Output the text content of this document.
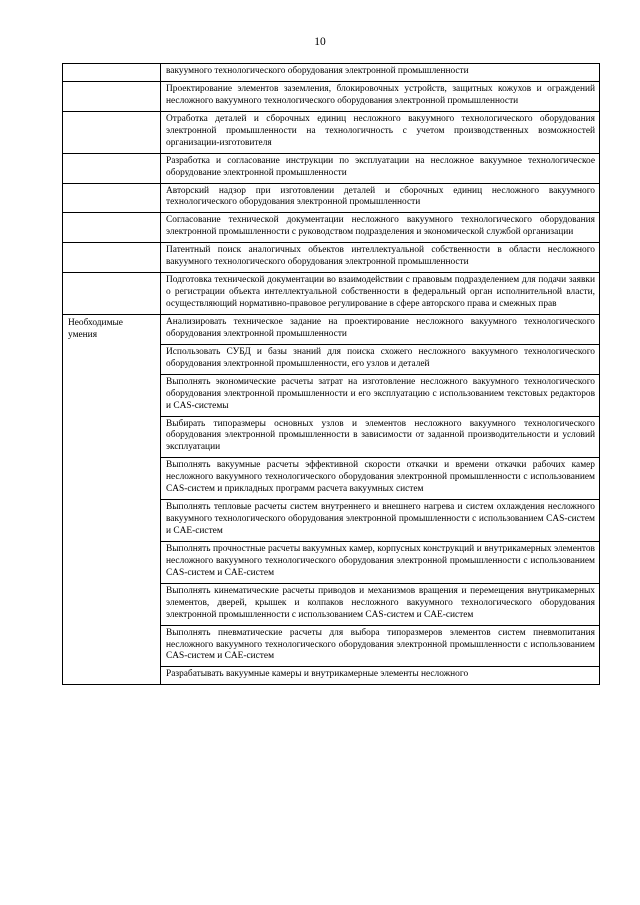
10
	вакуумного технологического оборудования электронной промышленности
	Проектирование элементов заземления, блокировочных устройств, защитных кожухов и ограждений несложного вакуумного технологического оборудования электронной промышленности
	Отработка деталей и сборочных единиц несложного вакуумного технологического оборудования электронной промышленности на технологичность с учетом производственных возможностей организации-изготовителя
	Разработка и согласование инструкции по эксплуатации на несложное вакуумное технологическое оборудование электронной промышленности
	Авторский надзор при изготовлении деталей и сборочных единиц несложного вакуумного технологического оборудования электронной промышленности
	Согласование технической документации несложного вакуумного технологического оборудования электронной промышленности с руководством подразделения и экономической службой организации
	Патентный поиск аналогичных объектов интеллектуальной собственности в области несложного вакуумного технологического оборудования электронной промышленности
	Подготовка технической документации во взаимодействии с правовым подразделением для подачи заявки о регистрации объекта интеллектуальной собственности в федеральный орган исполнительной власти, осуществляющий нормативно-правовое регулирование в сфере авторского права и смежных прав

Необходимые
умения	Анализировать техническое задание на проектирование несложного вакуумного технологического оборудования электронной промышленности
	Использовать СУБД и базы знаний для поиска схожего несложного вакуумного технологического оборудования электронной промышленности, его узлов и деталей
	Выполнять экономические расчеты затрат на изготовление несложного вакуумного технологического оборудования электронной промышленности и его эксплуатацию с использованием текстовых редакторов и CAS-системы
	Выбирать типоразмеры основных узлов и элементов несложного вакуумного технологического оборудования электронной промышленности в зависимости от заданной производительности и условий эксплуатации
	Выполнять вакуумные расчеты эффективной скорости откачки и времени откачки рабочих камер несложного вакуумного технологического оборудования электронной промышленности с использованием CAS-систем и прикладных программ расчета вакуумных систем
	Выполнять тепловые расчеты систем внутреннего и внешнего нагрева и систем охлаждения несложного вакуумного технологического оборудования электронной промышленности с использованием CAS-систем и CAE-систем
	Выполнять прочностные расчеты вакуумных камер, корпусных конструкций и внутрикамерных элементов несложного вакуумного технологического оборудования электронной промышленности с использованием CAS-систем и CAE-систем
	Выполнять кинематические расчеты приводов и механизмов вращения и перемещения внутрикамерных элементов, дверей, крышек и колпаков несложного вакуумного технологического оборудования электронной промышленности с использованием CAS-систем и CAE-систем
	Выполнять пневматические расчеты для выбора типоразмеров элементов систем пневмопитания несложного вакуумного технологического оборудования электронной промышленности с использованием CAS-систем и CAE-систем
	Разрабатывать вакуумные камеры и внутрикамерные элементы несложного
